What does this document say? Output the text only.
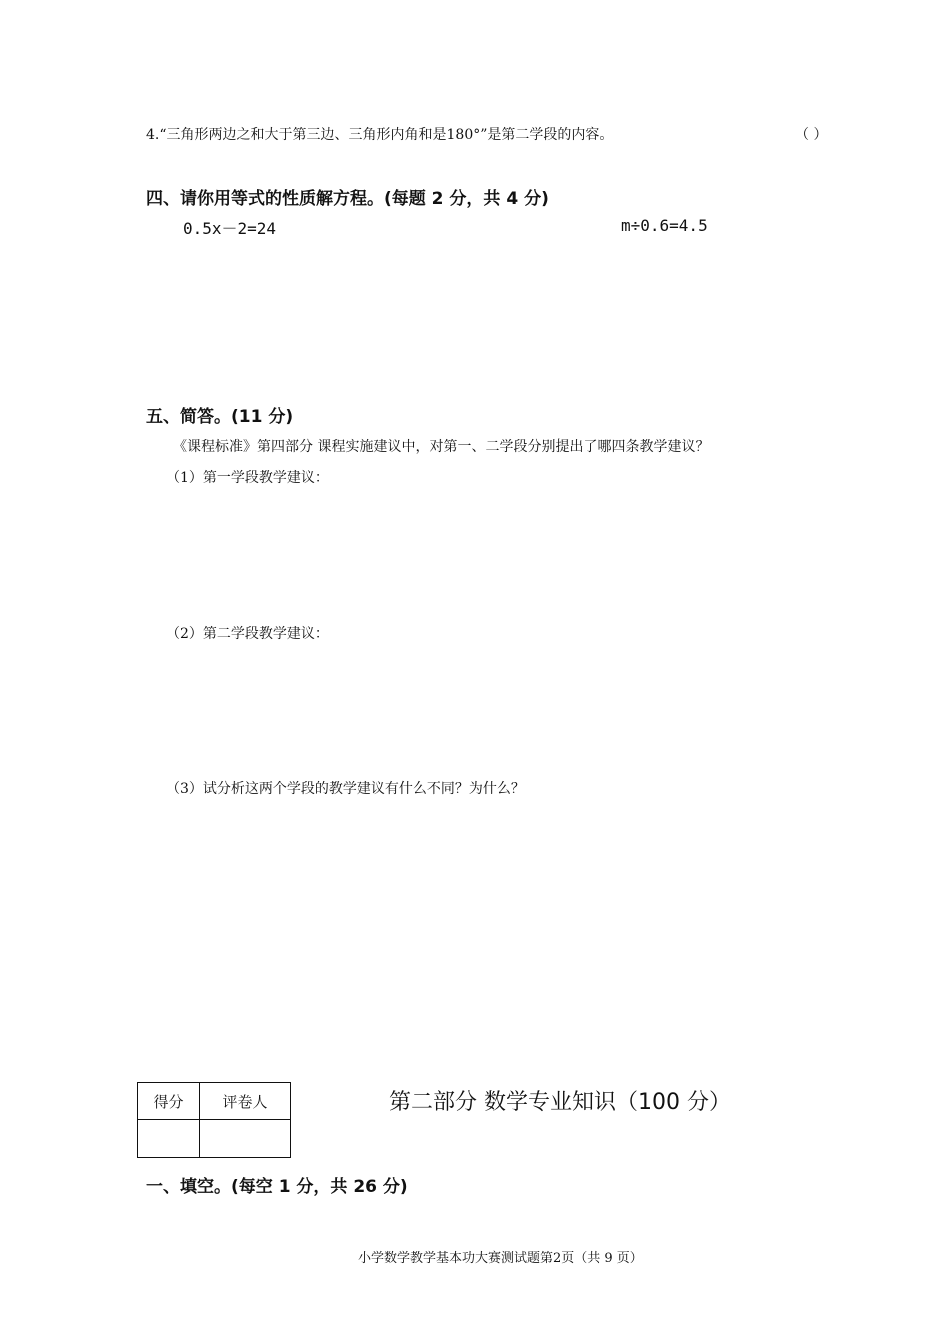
4.“三角形两边之和大于第三边、三角形内角和是180°”是第二学段的内容。	（ ）
四、请你用等式的性质解方程。(每题 2 分，共 4 分)
0.5x－2=24	m÷0.6=4.5
五、简答。(11 分)
《课程标准》第四部分 课程实施建议中，对第一、二学段分别提出了哪四条教学建议？
（1）第一学段教学建议：
（2）第二学段教学建议：
（3）试分析这两个学段的教学建议有什么不同？为什么？
得分	评卷人
		第二部分 数学专业知识（100 分）
一、填空。(每空 1 分，共 26 分)
小学数学教学基本功大赛测试题第2页（共 9 页）
